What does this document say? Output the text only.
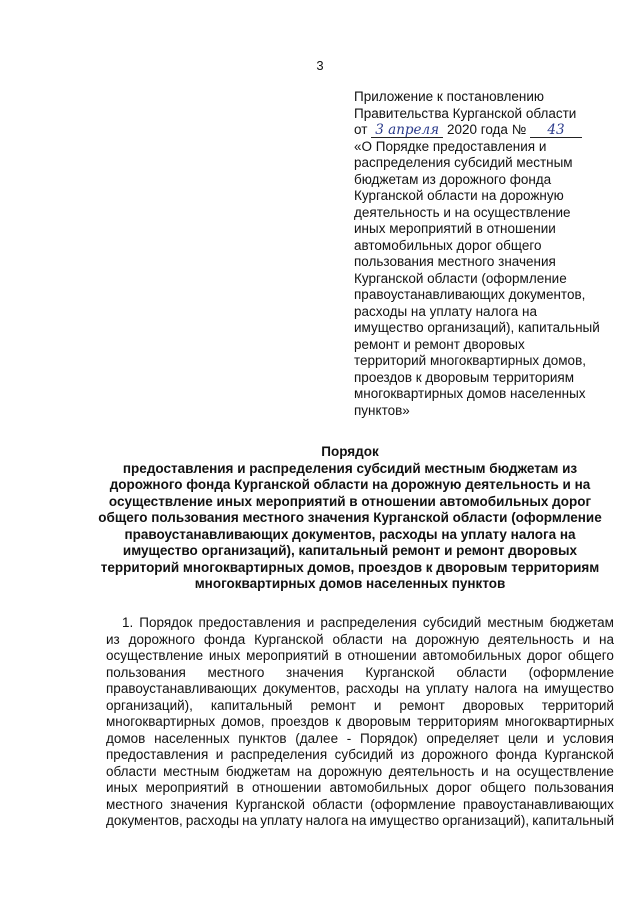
3
Приложение к постановлению
Правительства Курганской области
от 3 апреля 2020 года № 43
«О Порядке предоставления и
распределения субсидий местным
бюджетам из дорожного фонда
Курганской области на дорожную
деятельность и на осуществление
иных мероприятий в отношении
автомобильных дорог общего
пользования местного значения
Курганской области (оформление
правоустанавливающих документов,
расходы на уплату налога на
имущество организаций), капитальный
ремонт и ремонт дворовых
территорий многоквартирных домов,
проездов к дворовым территориям
многоквартирных домов населенных
пунктов»
Порядок
предоставления и распределения субсидий местным бюджетам из
дорожного фонда Курганской области на дорожную деятельность и на
осуществление иных мероприятий в отношении автомобильных дорог
общего пользования местного значения Курганской области (оформление
правоустанавливающих документов, расходы на уплату налога на
имущество организаций), капитальный ремонт и ремонт дворовых
территорий многоквартирных домов, проездов к дворовым территориям
многоквартирных домов населенных пунктов
1. Порядок предоставления и распределения субсидий местным бюджетам
из дорожного фонда Курганской области на дорожную деятельность и на
осуществление иных мероприятий в отношении автомобильных дорог общего
пользования местного значения Курганской области (оформление
правоустанавливающих документов, расходы на уплату налога на имущество
организаций), капитальный ремонт и ремонт дворовых территорий
многоквартирных домов, проездов к дворовым территориям многоквартирных
домов населенных пунктов (далее - Порядок) определяет цели и условия
предоставления и распределения субсидий из дорожного фонда Курганской
области местным бюджетам на дорожную деятельность и на осуществление
иных мероприятий в отношении автомобильных дорог общего пользования
местного значения Курганской области (оформление правоустанавливающих
документов, расходы на уплату налога на имущество организаций), капитальный
